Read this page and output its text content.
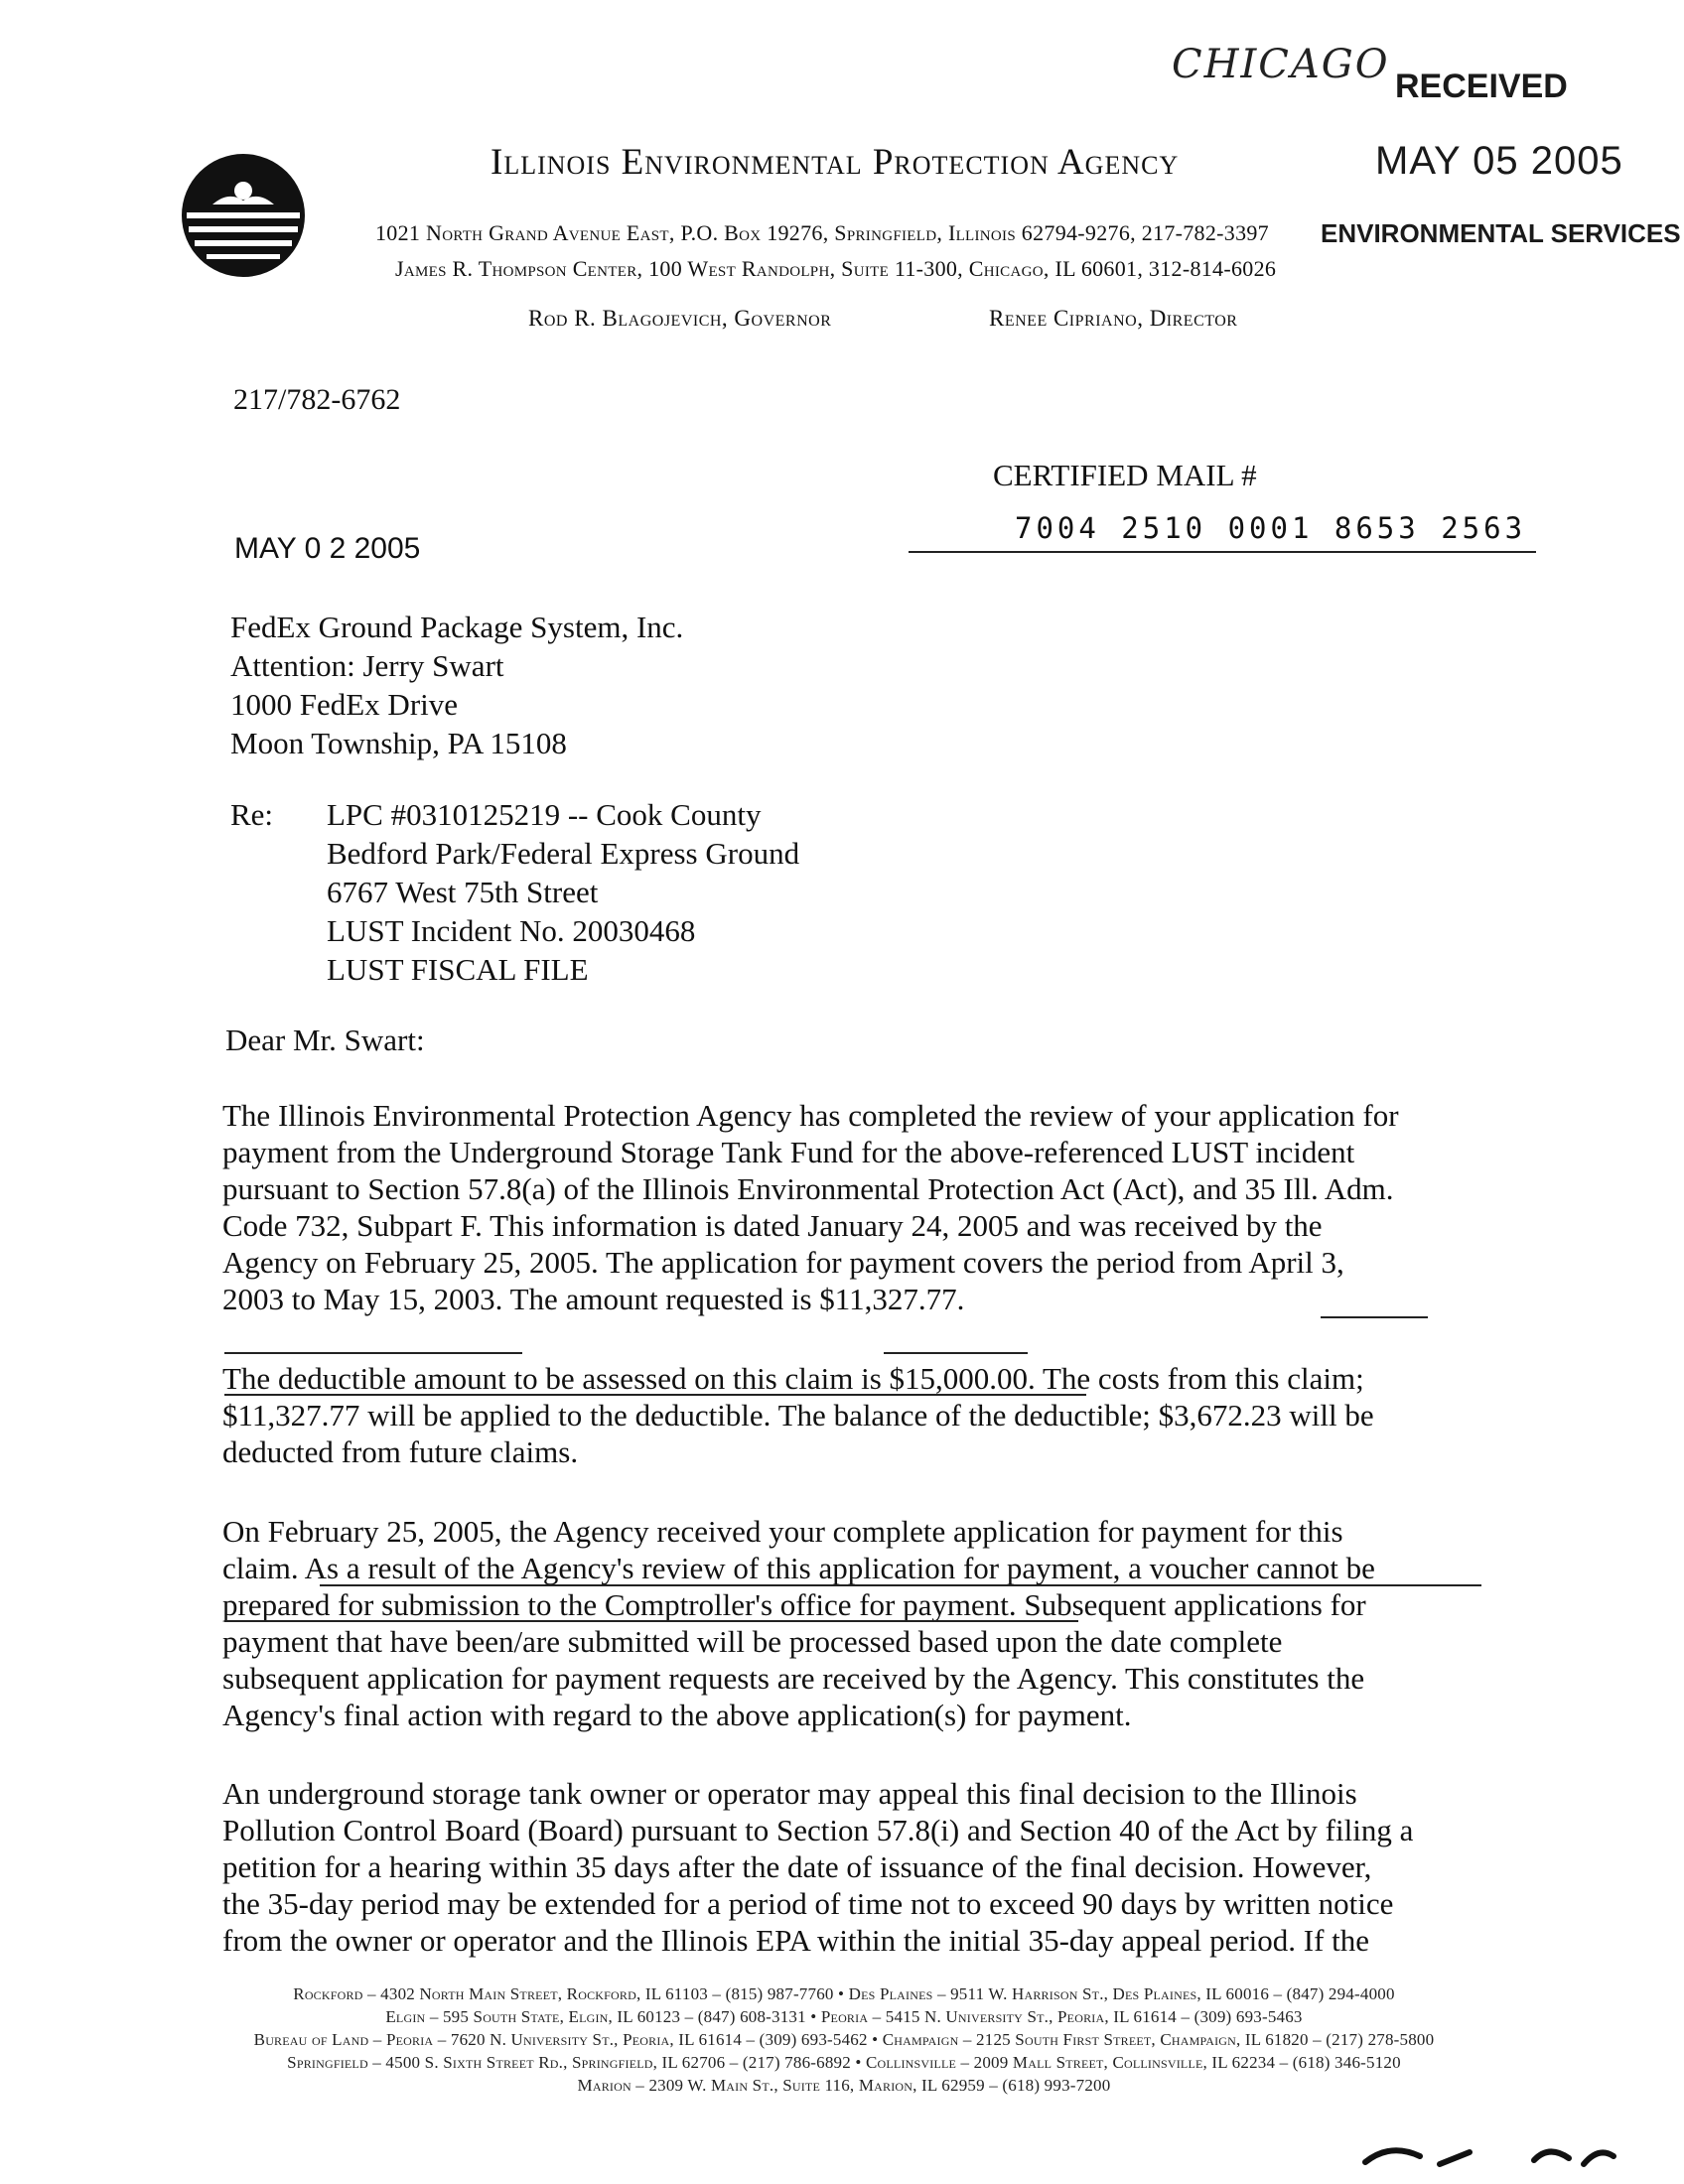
CHICAGO RECEIVED
MAY 05 2005
ENVIRONMENTAL SERVICES
Illinois Environmental Protection Agency
1021 North Grand Avenue East, P.O. Box 19276, Springfield, Illinois 62794-9276, 217-782-3397
James R. Thompson Center, 100 West Randolph, Suite 11-300, Chicago, IL 60601, 312-814-6026
Rod R. Blagojevich, Governor	Renee Cipriano, Director
217/782-6762
CERTIFIED MAIL #
7004 2510 0001 8653 2563
MAY 0 2 2005
FedEx Ground Package System, Inc.
Attention: Jerry Swart
1000 FedEx Drive
Moon Township, PA 15108
Re: LPC #0310125219 -- Cook County
Bedford Park/Federal Express Ground
6767 West 75th Street
LUST Incident No. 20030468
LUST FISCAL FILE
Dear Mr. Swart:
The Illinois Environmental Protection Agency has completed the review of your application for
payment from the Underground Storage Tank Fund for the above-referenced LUST incident
pursuant to Section 57.8(a) of the Illinois Environmental Protection Act (Act), and 35 Ill. Adm.
Code 732, Subpart F. This information is dated January 24, 2005 and was received by the
Agency on February 25, 2005. The application for payment covers the period from April 3,
2003 to May 15, 2003. The amount requested is $11,327.77.
The deductible amount to be assessed on this claim is $15,000.00. The costs from this claim;
$11,327.77 will be applied to the deductible. The balance of the deductible; $3,672.23 will be
deducted from future claims.
On February 25, 2005, the Agency received your complete application for payment for this
claim. As a result of the Agency's review of this application for payment, a voucher cannot be
prepared for submission to the Comptroller's office for payment. Subsequent applications for
payment that have been/are submitted will be processed based upon the date complete
subsequent application for payment requests are received by the Agency. This constitutes the
Agency's final action with regard to the above application(s) for payment.
An underground storage tank owner or operator may appeal this final decision to the Illinois
Pollution Control Board (Board) pursuant to Section 57.8(i) and Section 40 of the Act by filing a
petition for a hearing within 35 days after the date of issuance of the final decision. However,
the 35-day period may be extended for a period of time not to exceed 90 days by written notice
from the owner or operator and the Illinois EPA within the initial 35-day appeal period. If the
Rockford – 4302 North Main Street, Rockford, IL 61103 – (815) 987-7760 • Des Plaines – 9511 W. Harrison St., Des Plaines, IL 60016 – (847) 294-4000
Elgin – 595 South State, Elgin, IL 60123 – (847) 608-3131 • Peoria – 5415 N. University St., Peoria, IL 61614 – (309) 693-5463
Bureau of Land – Peoria – 7620 N. University St., Peoria, IL 61614 – (309) 693-5462 • Champaign – 2125 South First Street, Champaign, IL 61820 – (217) 278-5800
Springfield – 4500 S. Sixth Street Rd., Springfield, IL 62706 – (217) 786-6892 • Collinsville – 2009 Mall Street, Collinsville, IL 62234 – (618) 346-5120
Marion – 2309 W. Main St., Suite 116, Marion, IL 62959 – (618) 993-7200
